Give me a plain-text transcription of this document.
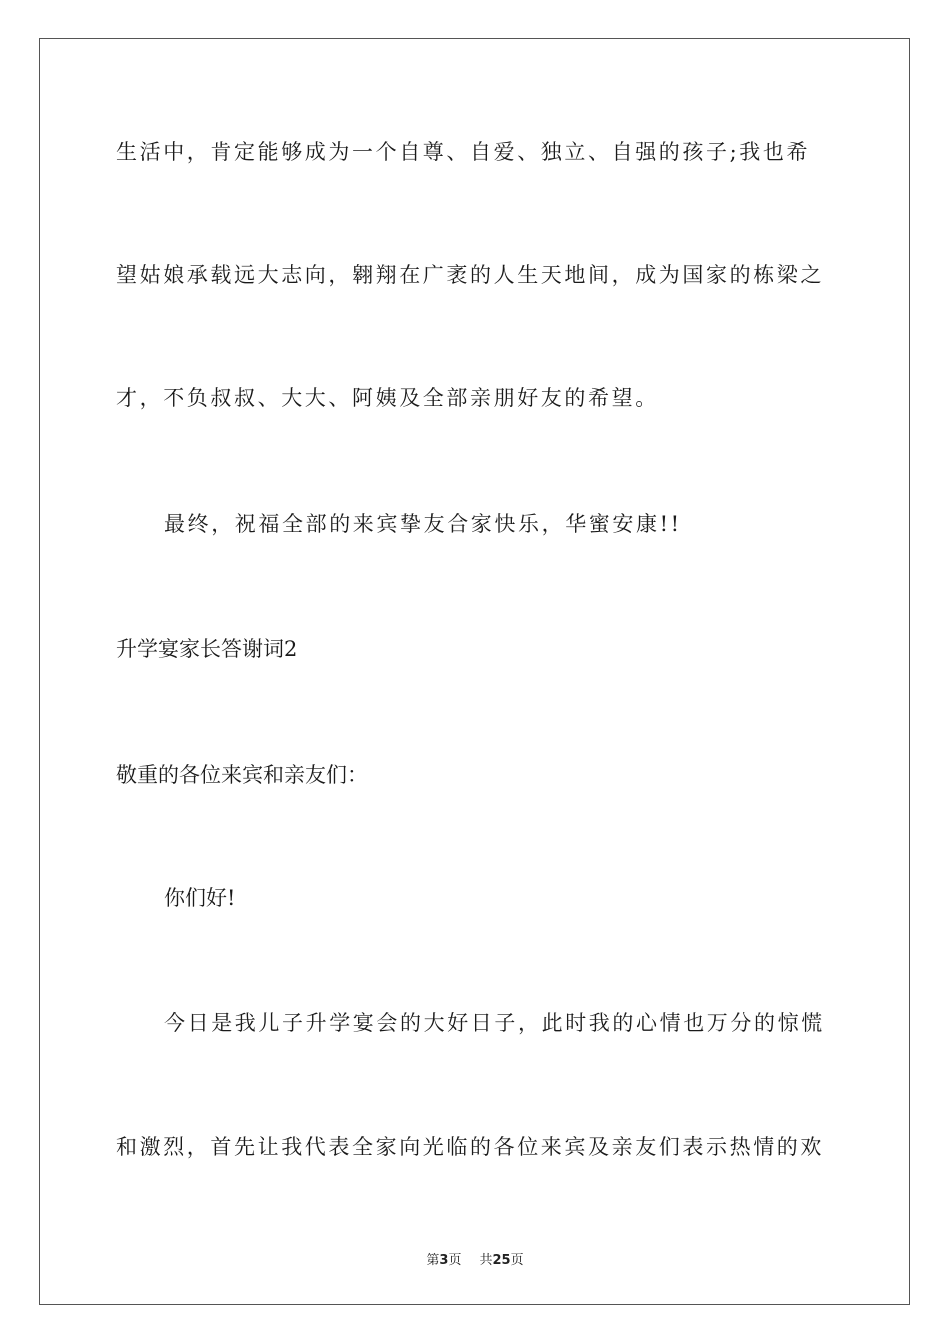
生活中，肯定能够成为一个自尊、自爱、独立、自强的孩子;我也希
望姑娘承载远大志向，翱翔在广袤的人生天地间，成为国家的栋梁之
才，不负叔叔、大大、阿姨及全部亲朋好友的希望。
最终，祝福全部的来宾挚友合家快乐，华蜜安康!!
升学宴家长答谢词2
敬重的各位来宾和亲友们：
你们好!
今日是我儿子升学宴会的大好日子，此时我的心情也万分的惊慌
和激烈，首先让我代表全家向光临的各位来宾及亲友们表示热情的欢
第3页 共25页
